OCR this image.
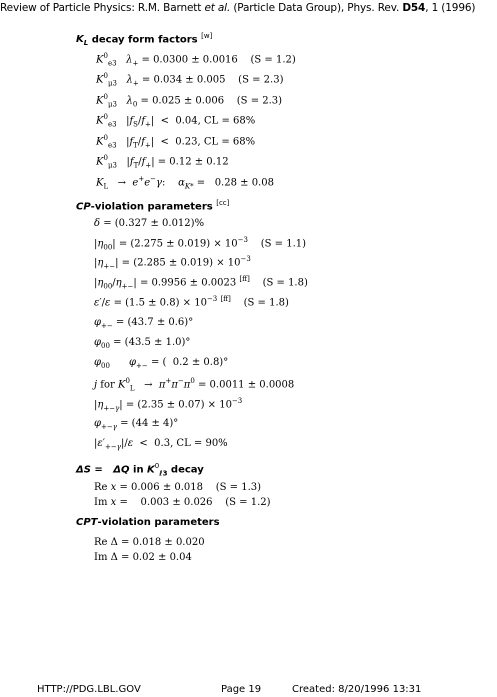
Review of Particle Physics: R.M. Barnett et al. (Particle Data Group), Phys. Rev. D54, 1 (1996)
$K_L$ decay form factors [w]
$K^0_{e3}$ $\lambda_+ = 0.0300 \pm 0.0016$    (S = 1.2)
$K^0_{\mu 3}$ $\lambda_+ = 0.034 \pm 0.005$    (S = 2.3)
$K^0_{\mu 3}$ $\lambda_0 = 0.025 \pm 0.006$    (S = 2.3)
$K^0_{e3}$   $|f_S/f_+| < 0.04$, CL = 68%
$K^0_{e3}$   $|f_T/f_+| < 0.23$, CL = 68%
$K^0_{\mu 3}$   $|f_T/f_+| = 0.12 \pm 0.12$
$K_L \to e^+e^-\gamma$:    $\alpha_{K*} = 0.28 \pm 0.08$
CP-violation parameters [cc]
δ = (0.327 ± 0.012)%
$|\eta_{00}| = (2.275 \pm 0.019) \times 10^{-3}$    (S = 1.1)
$|\eta_{+-}| = (2.285 \pm 0.019) \times 10^{-3}$
$|\eta_{00}/\eta_{+-}| = 0.9956 \pm 0.0023$ [ff]    (S = 1.8)
$\varepsilon'/\varepsilon = (1.5 \pm 0.8) \times 10^{-3}$ [ff]    (S = 1.8)
$\varphi_{+-} = (43.7 \pm 0.6)^\circ$
$\varphi_{00} = (43.5 \pm 1.0)^\circ$
$\varphi_{00}$ $\varphi_{+-}$ = (  0.2 ± 0.8)°
j for $K^0_L \to \pi^+\pi^-\pi^0 = 0.0011 \pm 0.0008$
$|\eta_{+-\gamma}| = (2.35 \pm 0.07) \times 10^{-3}$
$\varphi_{+-\gamma} = (44 \pm 4)^\circ$
$|\varepsilon'_{+-\gamma}|/\varepsilon < 0.3$, CL = 90%
ΔS =   ΔQ in $K^0_{\ell 3}$ decay
Re x = 0.006 ± 0.018    (S = 1.3)
Im x =    0.003 ± 0.026    (S = 1.2)
CPT-violation parameters
Re Δ = 0.018 ± 0.020
Im Δ = 0.02 ± 0.04
HTTP://PDG.LBL.GOV	Page 19	Created: 8/20/1996 13:31
